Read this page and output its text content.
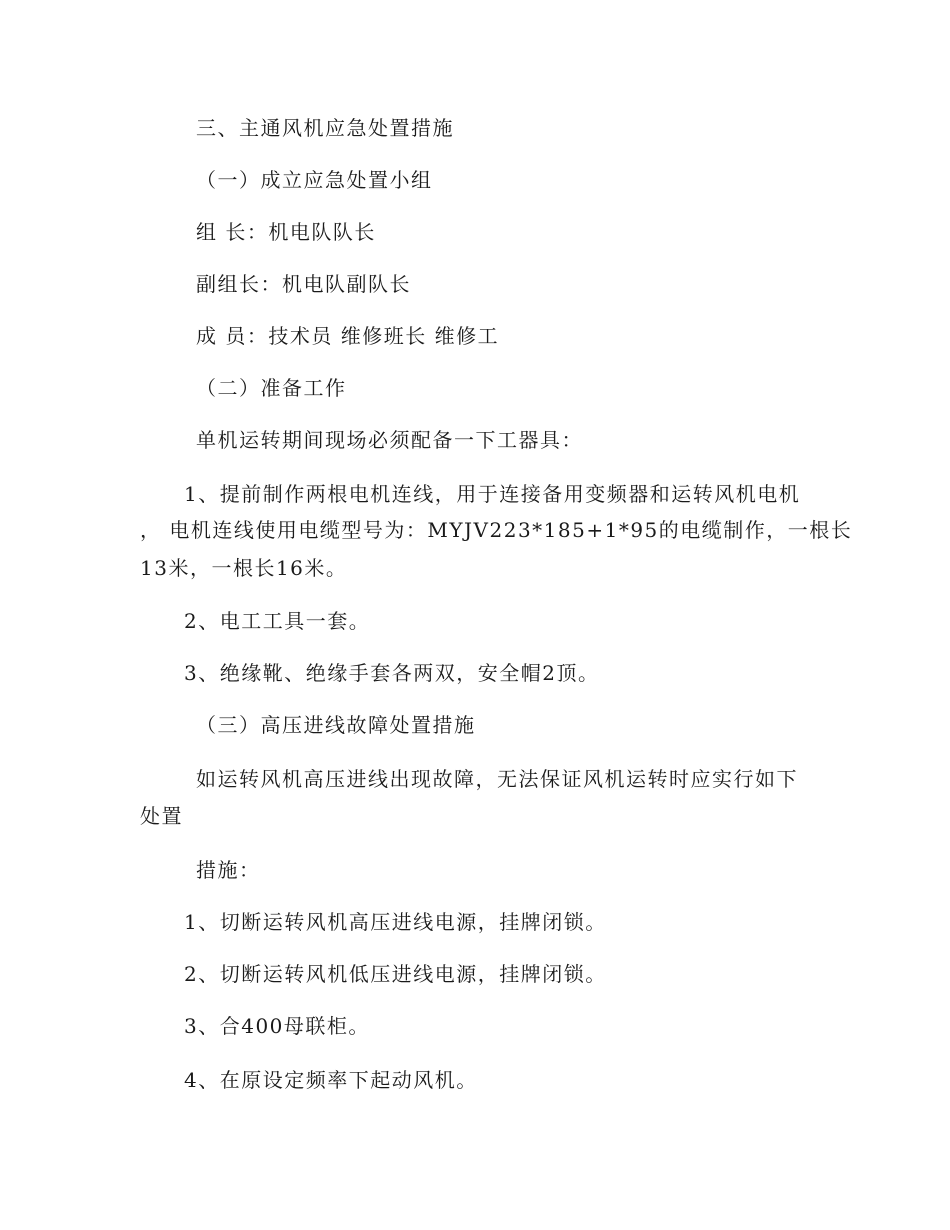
三、主通风机应急处置措施
（一）成立应急处置小组
组 长：机电队队长
副组长：机电队副队长
成 员：技术员 维修班长 维修工
（二）准备工作
单机运转期间现场必须配备一下工器具：
1、提前制作两根电机连线，用于连接备用变频器和运转风机电机
， 电机连线使用电缆型号为：MYJV223*185+1*95的电缆制作，一根长
13米，一根长16米。
2、电工工具一套。
3、绝缘靴、绝缘手套各两双，安全帽2顶。
（三）高压进线故障处置措施
如运转风机高压进线出现故障，无法保证风机运转时应实行如下
处置
措施：
1、切断运转风机高压进线电源，挂牌闭锁。
2、切断运转风机低压进线电源，挂牌闭锁。
3、合400母联柜。
4、在原设定频率下起动风机。
